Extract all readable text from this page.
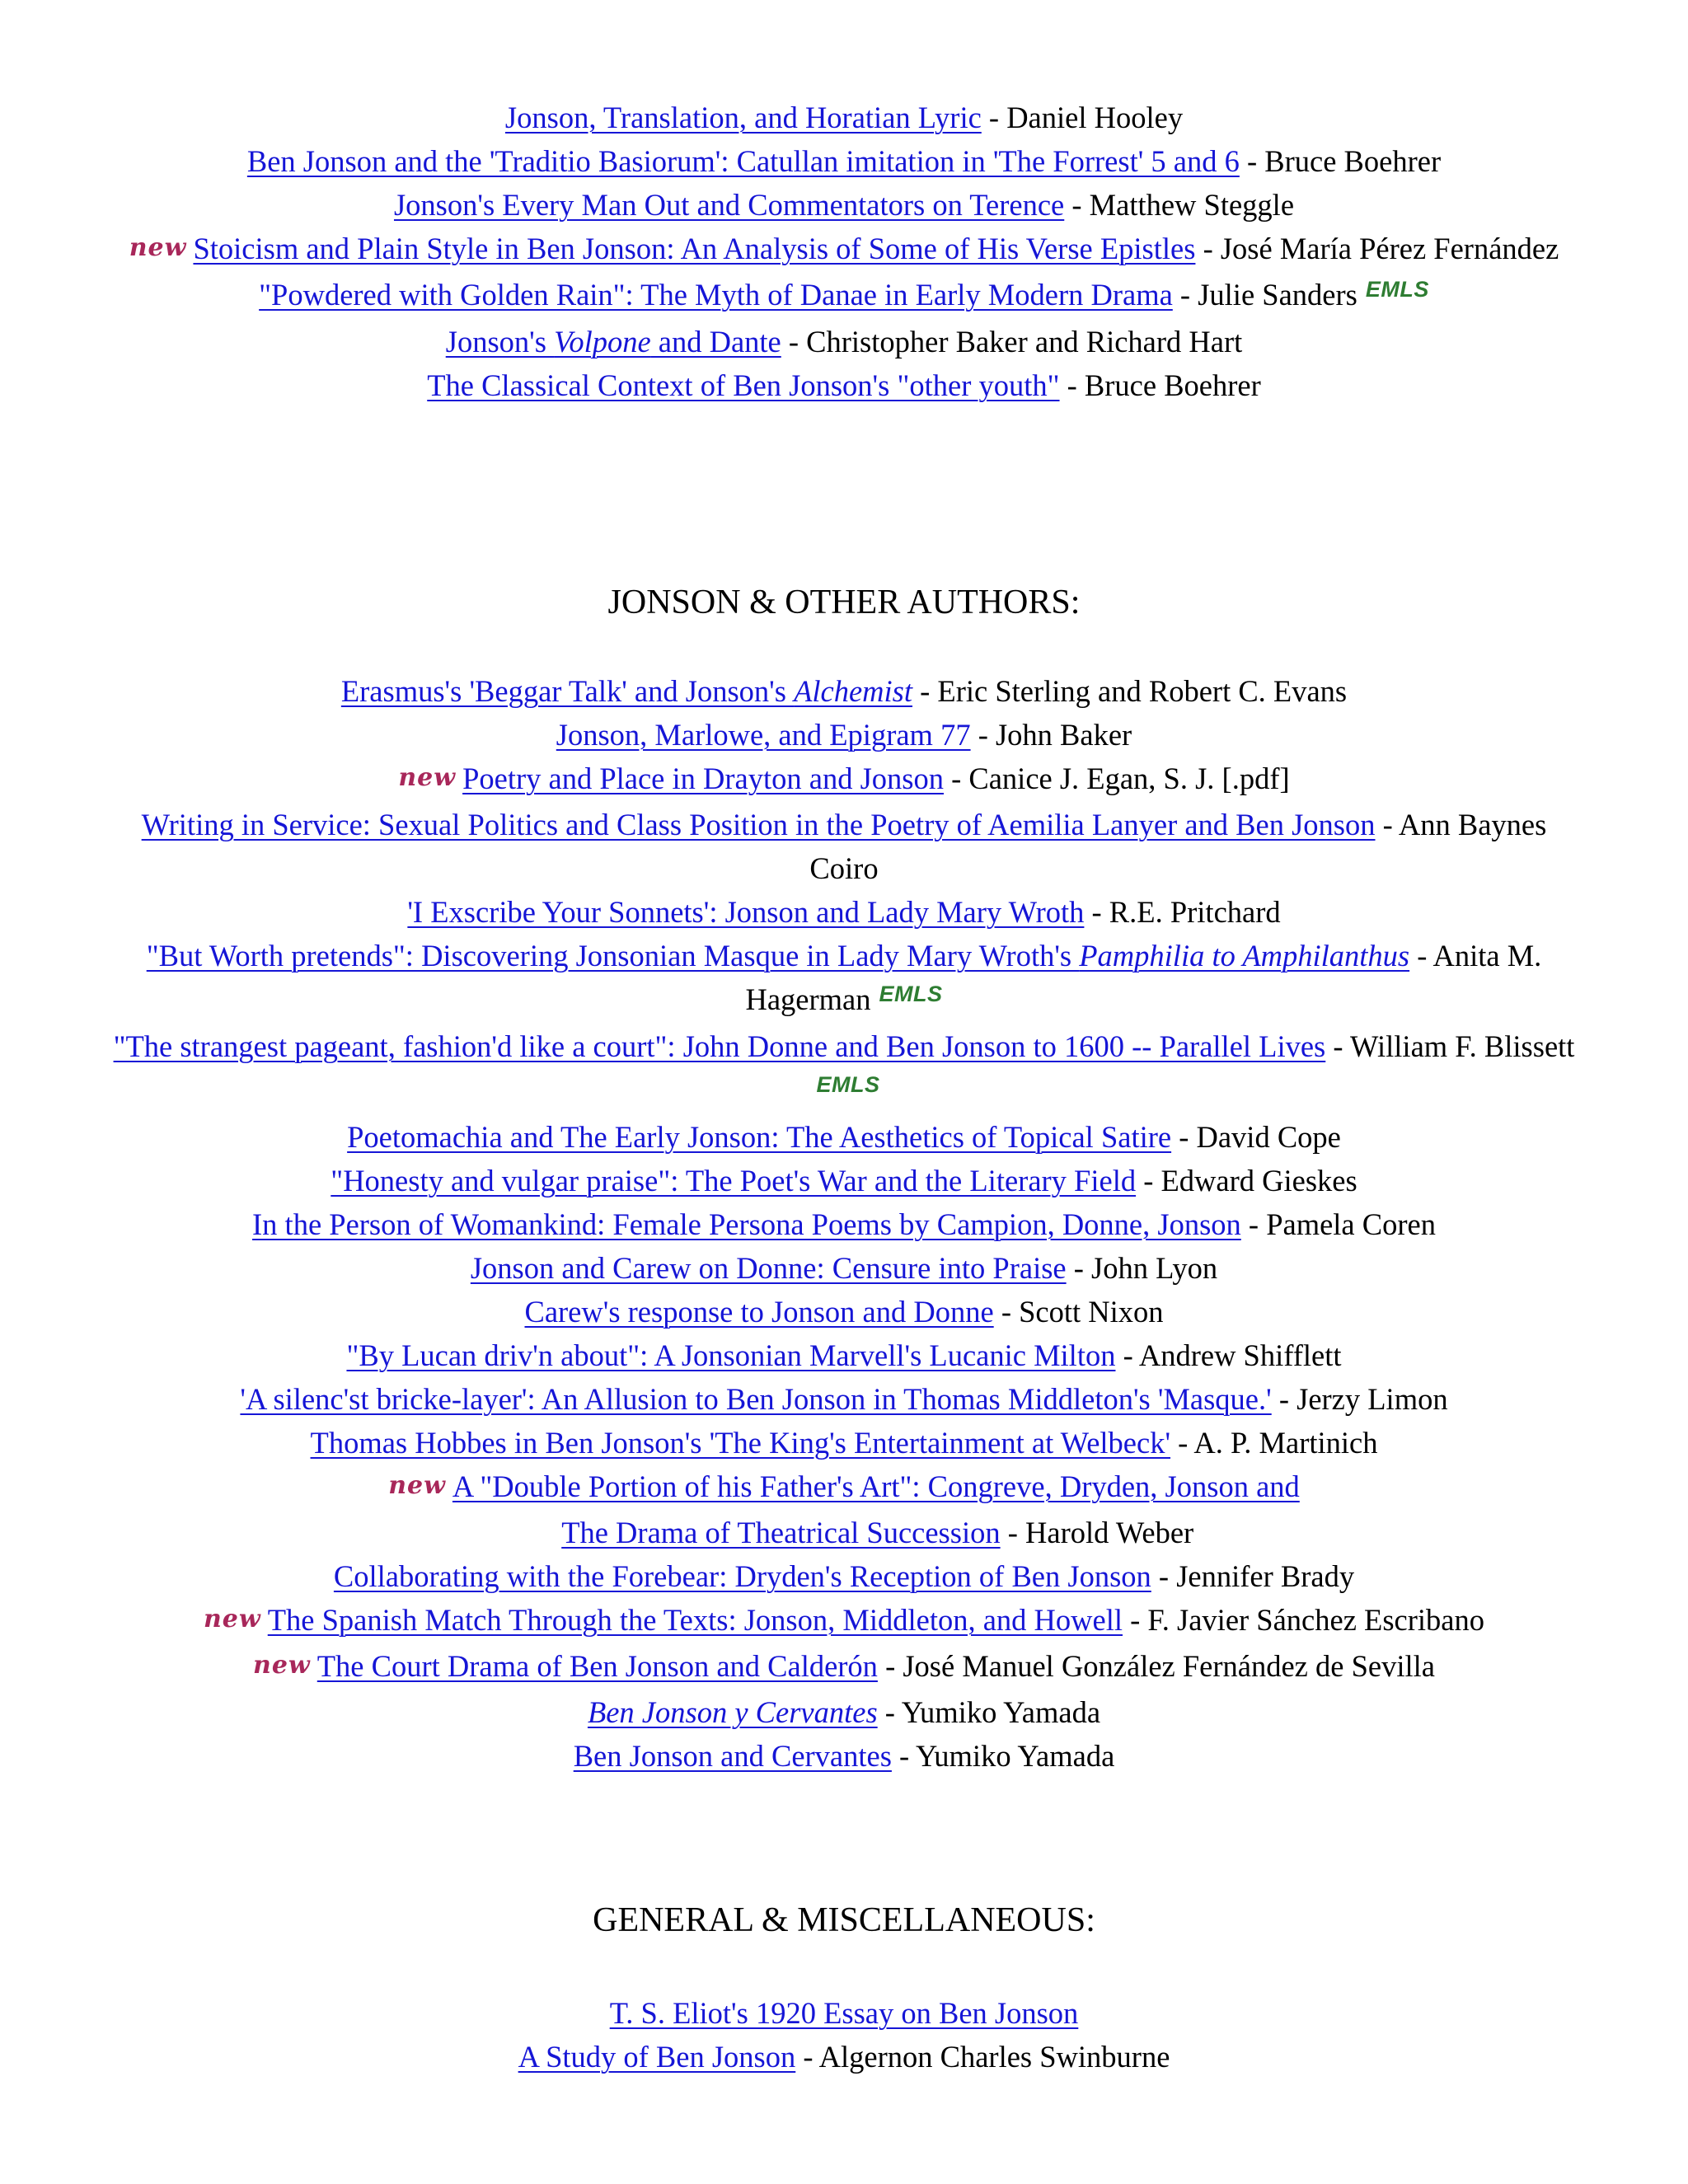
Jonson, Translation, and Horatian Lyric - Daniel Hooley

Ben Jonson and the 'Traditio Basiorum': Catullan imitation in 'The Forrest' 5 and 6 - Bruce Boehrer

Jonson's Every Man Out and Commentators on Terence - Matthew Steggle

new Stoicism and Plain Style in Ben Jonson: An Analysis of Some of His Verse Epistles - José María Pérez Fernández

"Powdered with Golden Rain": The Myth of Danae in Early Modern Drama - Julie Sanders EMLS

Jonson's Volpone and Dante - Christopher Baker and Richard Hart

The Classical Context of Ben Jonson's "other youth" - Bruce Boehrer

JONSON & OTHER AUTHORS:

Erasmus's 'Beggar Talk' and Jonson's Alchemist - Eric Sterling and Robert C. Evans

Jonson, Marlowe, and Epigram 77 - John Baker

new Poetry and Place in Drayton and Jonson - Canice J. Egan, S. J. [.pdf]

Writing in Service: Sexual Politics and Class Position in the Poetry of Aemilia Lanyer and Ben Jonson - Ann Baynes Coiro

'I Exscribe Your Sonnets': Jonson and Lady Mary Wroth - R.E. Pritchard

"But Worth pretends": Discovering Jonsonian Masque in Lady Mary Wroth's Pamphilia to Amphilanthus - Anita M. Hagerman EMLS

"The strangest pageant, fashion'd like a court": John Donne and Ben Jonson to 1600 -- Parallel Lives - William F. BlissettEMLS

Poetomachia and The Early Jonson: The Aesthetics of Topical Satire - David Cope

"Honesty and vulgar praise": The Poet's War and the Literary Field - Edward Gieskes

In the Person of Womankind: Female Persona Poems by Campion, Donne, Jonson - Pamela Coren

Jonson and Carew on Donne: Censure into Praise - John Lyon

Carew's response to Jonson and Donne - Scott Nixon

"By Lucan driv'n about": A Jonsonian Marvell's Lucanic Milton - Andrew Shifflett

'A silenc'st bricke-layer': An Allusion to Ben Jonson in Thomas Middleton's 'Masque.' - Jerzy Limon

Thomas Hobbes in Ben Jonson's 'The King's Entertainment at Welbeck' - A. P. Martinich

new A "Double Portion of his Father's Art": Congreve, Dryden, Jonson and
The Drama of Theatrical Succession - Harold Weber

Collaborating with the Forebear: Dryden's Reception of Ben Jonson - Jennifer Brady

new The Spanish Match Through the Texts: Jonson, Middleton, and Howell - F. Javier Sánchez Escribano

new The Court Drama of Ben Jonson and Calderón - José Manuel González Fernández de Sevilla

Ben Jonson y Cervantes - Yumiko Yamada

Ben Jonson and Cervantes - Yumiko Yamada

GENERAL & MISCELLANEOUS:

T. S. Eliot's 1920 Essay on Ben Jonson

A Study of Ben Jonson - Algernon Charles Swinburne
